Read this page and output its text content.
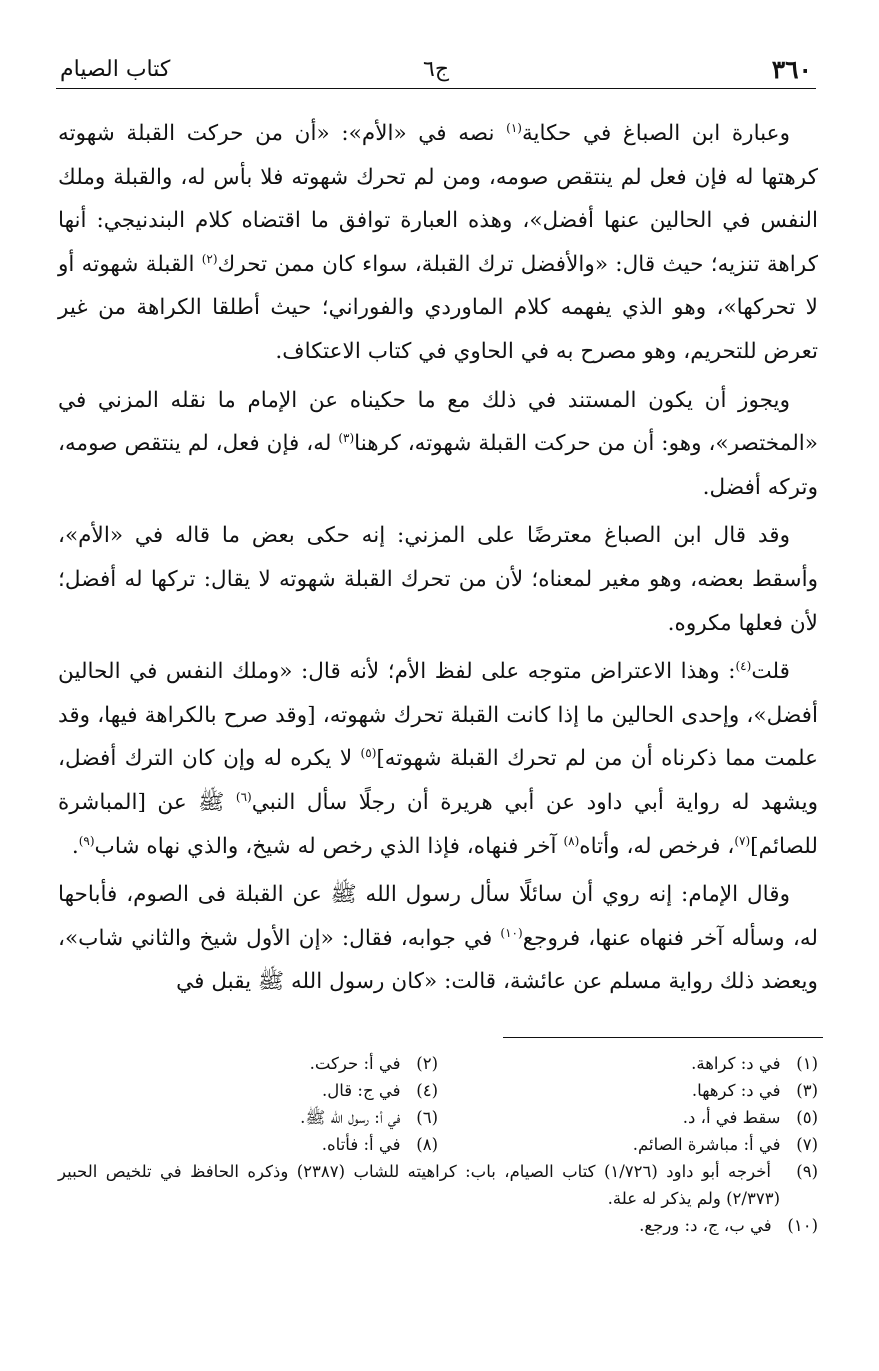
٣٦٠
ج٦
كتاب الصيام

وعبارة ابن الصباغ في حكاية$^{(١)}$ نصه في «الأم»: «أن من حركت القبلة شهوته كرهتها له فإن فعل لم ينتقص صومه، ومن لم تحرك شهوته فلا بأس له، والقبلة وملك النفس في الحالين عنها أفضل»، وهذه العبارة توافق ما اقتضاه كلام البندنيجي: أنها كراهة تنزيه؛ حيث قال: «والأفضل ترك القبلة، سواء كان ممن تحرك$^{(٢)}$ القبلة شهوته أو لا تحركها»، وهو الذي يفهمه كلام الماوردي والفوراني؛ حيث أطلقا الكراهة من غير تعرض للتحريم، وهو مصرح به في الحاوي في كتاب الاعتكاف.

ويجوز أن يكون المستند في ذلك مع ما حكيناه عن الإمام ما نقله المزني في «المختصر»، وهو: أن من حركت القبلة شهوته، كرهنا$^{(٣)}$ له، فإن فعل، لم ينتقص صومه، وتركه أفضل.

وقد قال ابن الصباغ معترضًا على المزني: إنه حكى بعض ما قاله في «الأم»، وأسقط بعضه، وهو مغير لمعناه؛ لأن من تحرك القبلة شهوته لا يقال: تركها له أفضل؛ لأن فعلها مكروه.

قلت$^{(٤)}$: وهذا الاعتراض متوجه على لفظ الأم؛ لأنه قال: «وملك النفس في الحالين أفضل»، وإحدى الحالين ما إذا كانت القبلة تحرك شهوته، [وقد صرح بالكراهة فيها، وقد علمت مما ذكرناه أن من لم تحرك القبلة شهوته]$^{(٥)}$ لا يكره له وإن كان الترك أفضل، ويشهد له رواية أبي داود عن أبي هريرة أن رجلًا سأل النبي$^{(٦)}$ ﷺ عن [المباشرة للصائم]$^{(٧)}$، فرخص له، وأتاه$^{(٨)}$ آخر فنهاه، فإذا الذي رخص له شيخ، والذي نهاه شاب$^{(٩)}$.

وقال الإمام: إنه روي أن سائلًا سأل رسول الله ﷺ عن القبلة فى الصوم، فأباحها له، وسأله آخر فنهاه عنها، فروجع$^{(١٠)}$ في جوابه، فقال: «إن الأول شيخ والثاني شاب»، ويعضد ذلك رواية مسلم عن عائشة، قالت: «كان رسول الله ﷺ يقبل في

(١)   في د: كراهة.
(٢)   في أ: حركت.
(٣)   في د: كرهها.
(٤)   في ج: قال.
(٥)   سقط في أ، د.
(٦)   في أ: رسول الله ﷺ.
(٧)   في أ: مباشرة الصائم.
(٨)   في أ: فأتاه.
(٩)   أخرجه أبو داود (١/٧٢٦) كتاب الصيام، باب: كراهيته للشاب (٢٣٨٧) وذكره الحافظ في تلخيص الحبير (٢/٣٧٣) ولم يذكر له علة.
(١٠)   في ب، ج، د: ورجع.
